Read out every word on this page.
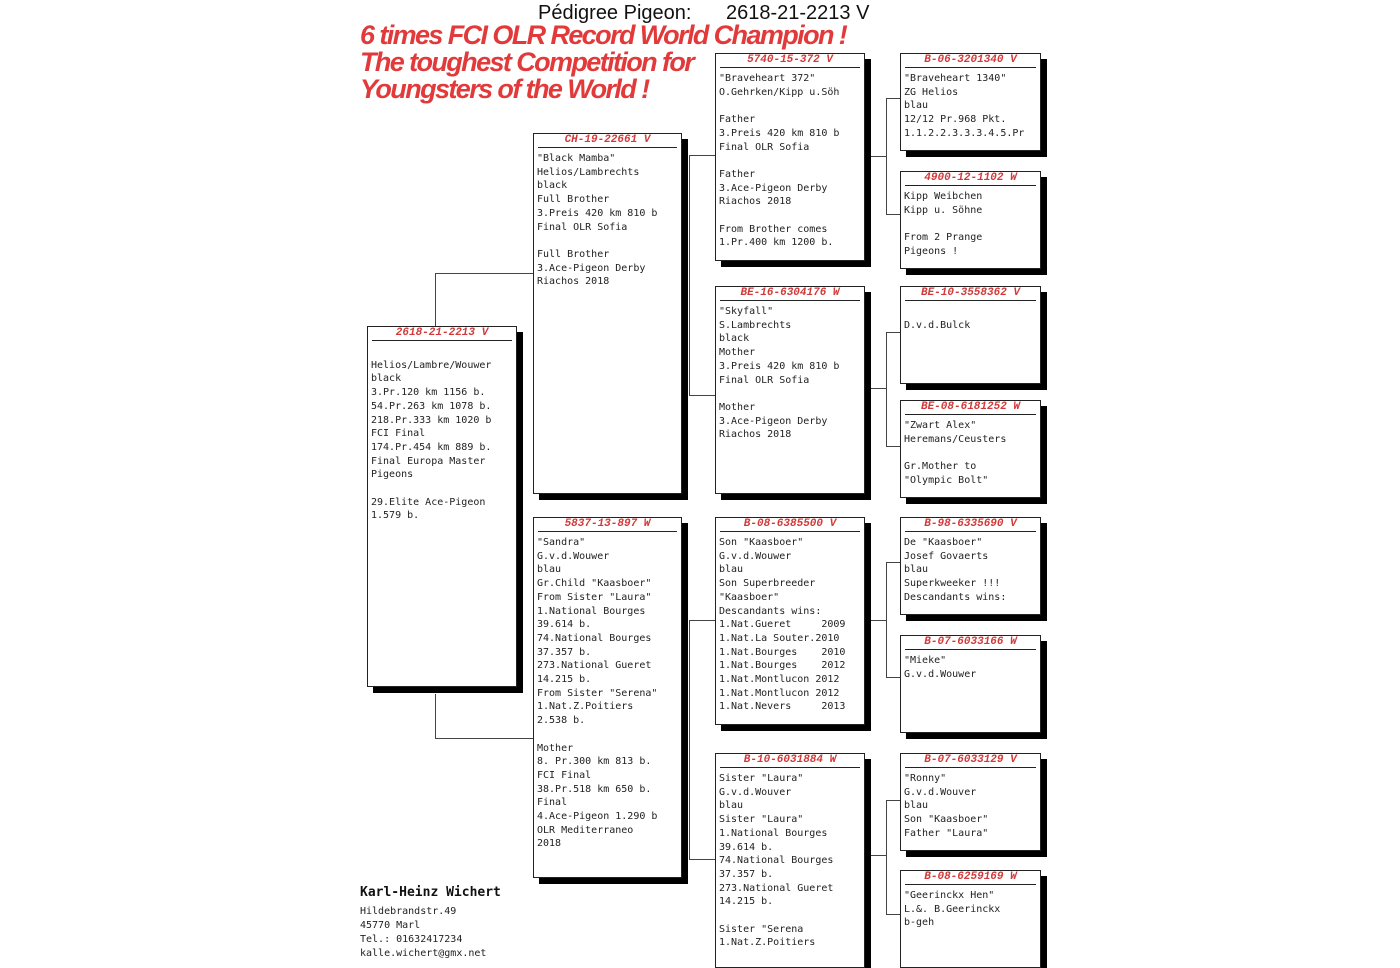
Pédigree Pigeon: 2618-21-2213 V
6 times FCI OLR Record World Champion !
The toughest Competition for
Youngsters of the World !
2618-21-2213 V

Helios/Lambre/Wouwer
black
3.Pr.120 km 1156 b.
54.Pr.263 km 1078 b.
218.Pr.333 km 1020 b
FCI Final
174.Pr.454 km 889 b.
Final Europa Master
Pigeons

29.Elite Ace-Pigeon
1.579 b.
CH-19-22661 V
"Black Mamba"
Helios/Lambrechts
black
Full Brother
3.Preis 420 km 810 b
Final OLR Sofia

Full Brother
3.Ace-Pigeon Derby
Riachos 2018
5837-13-897 W
"Sandra"
G.v.d.Wouwer
blau
Gr.Child "Kaasboer"
From Sister "Laura"
1.National Bourges
39.614 b.
74.National Bourges
37.357 b.
273.National Gueret
14.215 b.
From Sister "Serena"
1.Nat.Z.Poitiers
2.538 b.

Mother
8. Pr.300 km 813 b.
FCI Final
38.Pr.518 km 650 b.
Final
4.Ace-Pigeon 1.290 b
OLR Mediterraneo
2018
5740-15-372 V
"Braveheart 372"
O.Gehrken/Kipp u.Söh

Father
3.Preis 420 km 810 b
Final OLR Sofia

Father
3.Ace-Pigeon Derby
Riachos 2018

From Brother comes
1.Pr.400 km 1200 b.
BE-16-6304176 W
"Skyfall"
S.Lambrechts
black
Mother
3.Preis 420 km 810 b
Final OLR Sofia

Mother
3.Ace-Pigeon Derby
Riachos 2018
B-08-6385500 V
Son "Kaasboer"
G.v.d.Wouwer
blau
Son Superbreeder
"Kaasboer"
Descandants wins:
1.Nat.Gueret     2009
1.Nat.La Souter.2010
1.Nat.Bourges    2010
1.Nat.Bourges    2012
1.Nat.Montlucon 2012
1.Nat.Montlucon 2012
1.Nat.Nevers     2013
B-10-6031884 W
Sister "Laura"
G.v.d.Wouver
blau
Sister "Laura"
1.National Bourges
39.614 b.
74.National Bourges
37.357 b.
273.National Gueret
14.215 b.

Sister "Serena
1.Nat.Z.Poitiers
B-06-3201340 V
"Braveheart 1340"
ZG Helios
blau
12/12 Pr.968 Pkt.
1.1.2.2.3.3.3.4.5.Pr
4900-12-1102 W
Kipp Weibchen
Kipp u. Söhne

From 2 Prange
Pigeons !
BE-10-3558362 V

D.v.d.Bulck
BE-08-6181252 W
"Zwart Alex"
Heremans/Ceusters

Gr.Mother to
"Olympic Bolt"
B-98-6335690 V
De "Kaasboer"
Josef Govaerts
blau
Superkweeker !!!
Descandants wins:
B-07-6033166 W
"Mieke"
G.v.d.Wouwer
B-07-6033129 V
"Ronny"
G.v.d.Wouver
blau
Son "Kaasboer"
Father "Laura"
B-08-6259169 W
"Geerinckx Hen"
L.&. B.Geerinckx
b-geh
Karl-Heinz Wichert
Hildebrandstr.49
45770 Marl
Tel.: 01632417234
kalle.wichert@gmx.net
